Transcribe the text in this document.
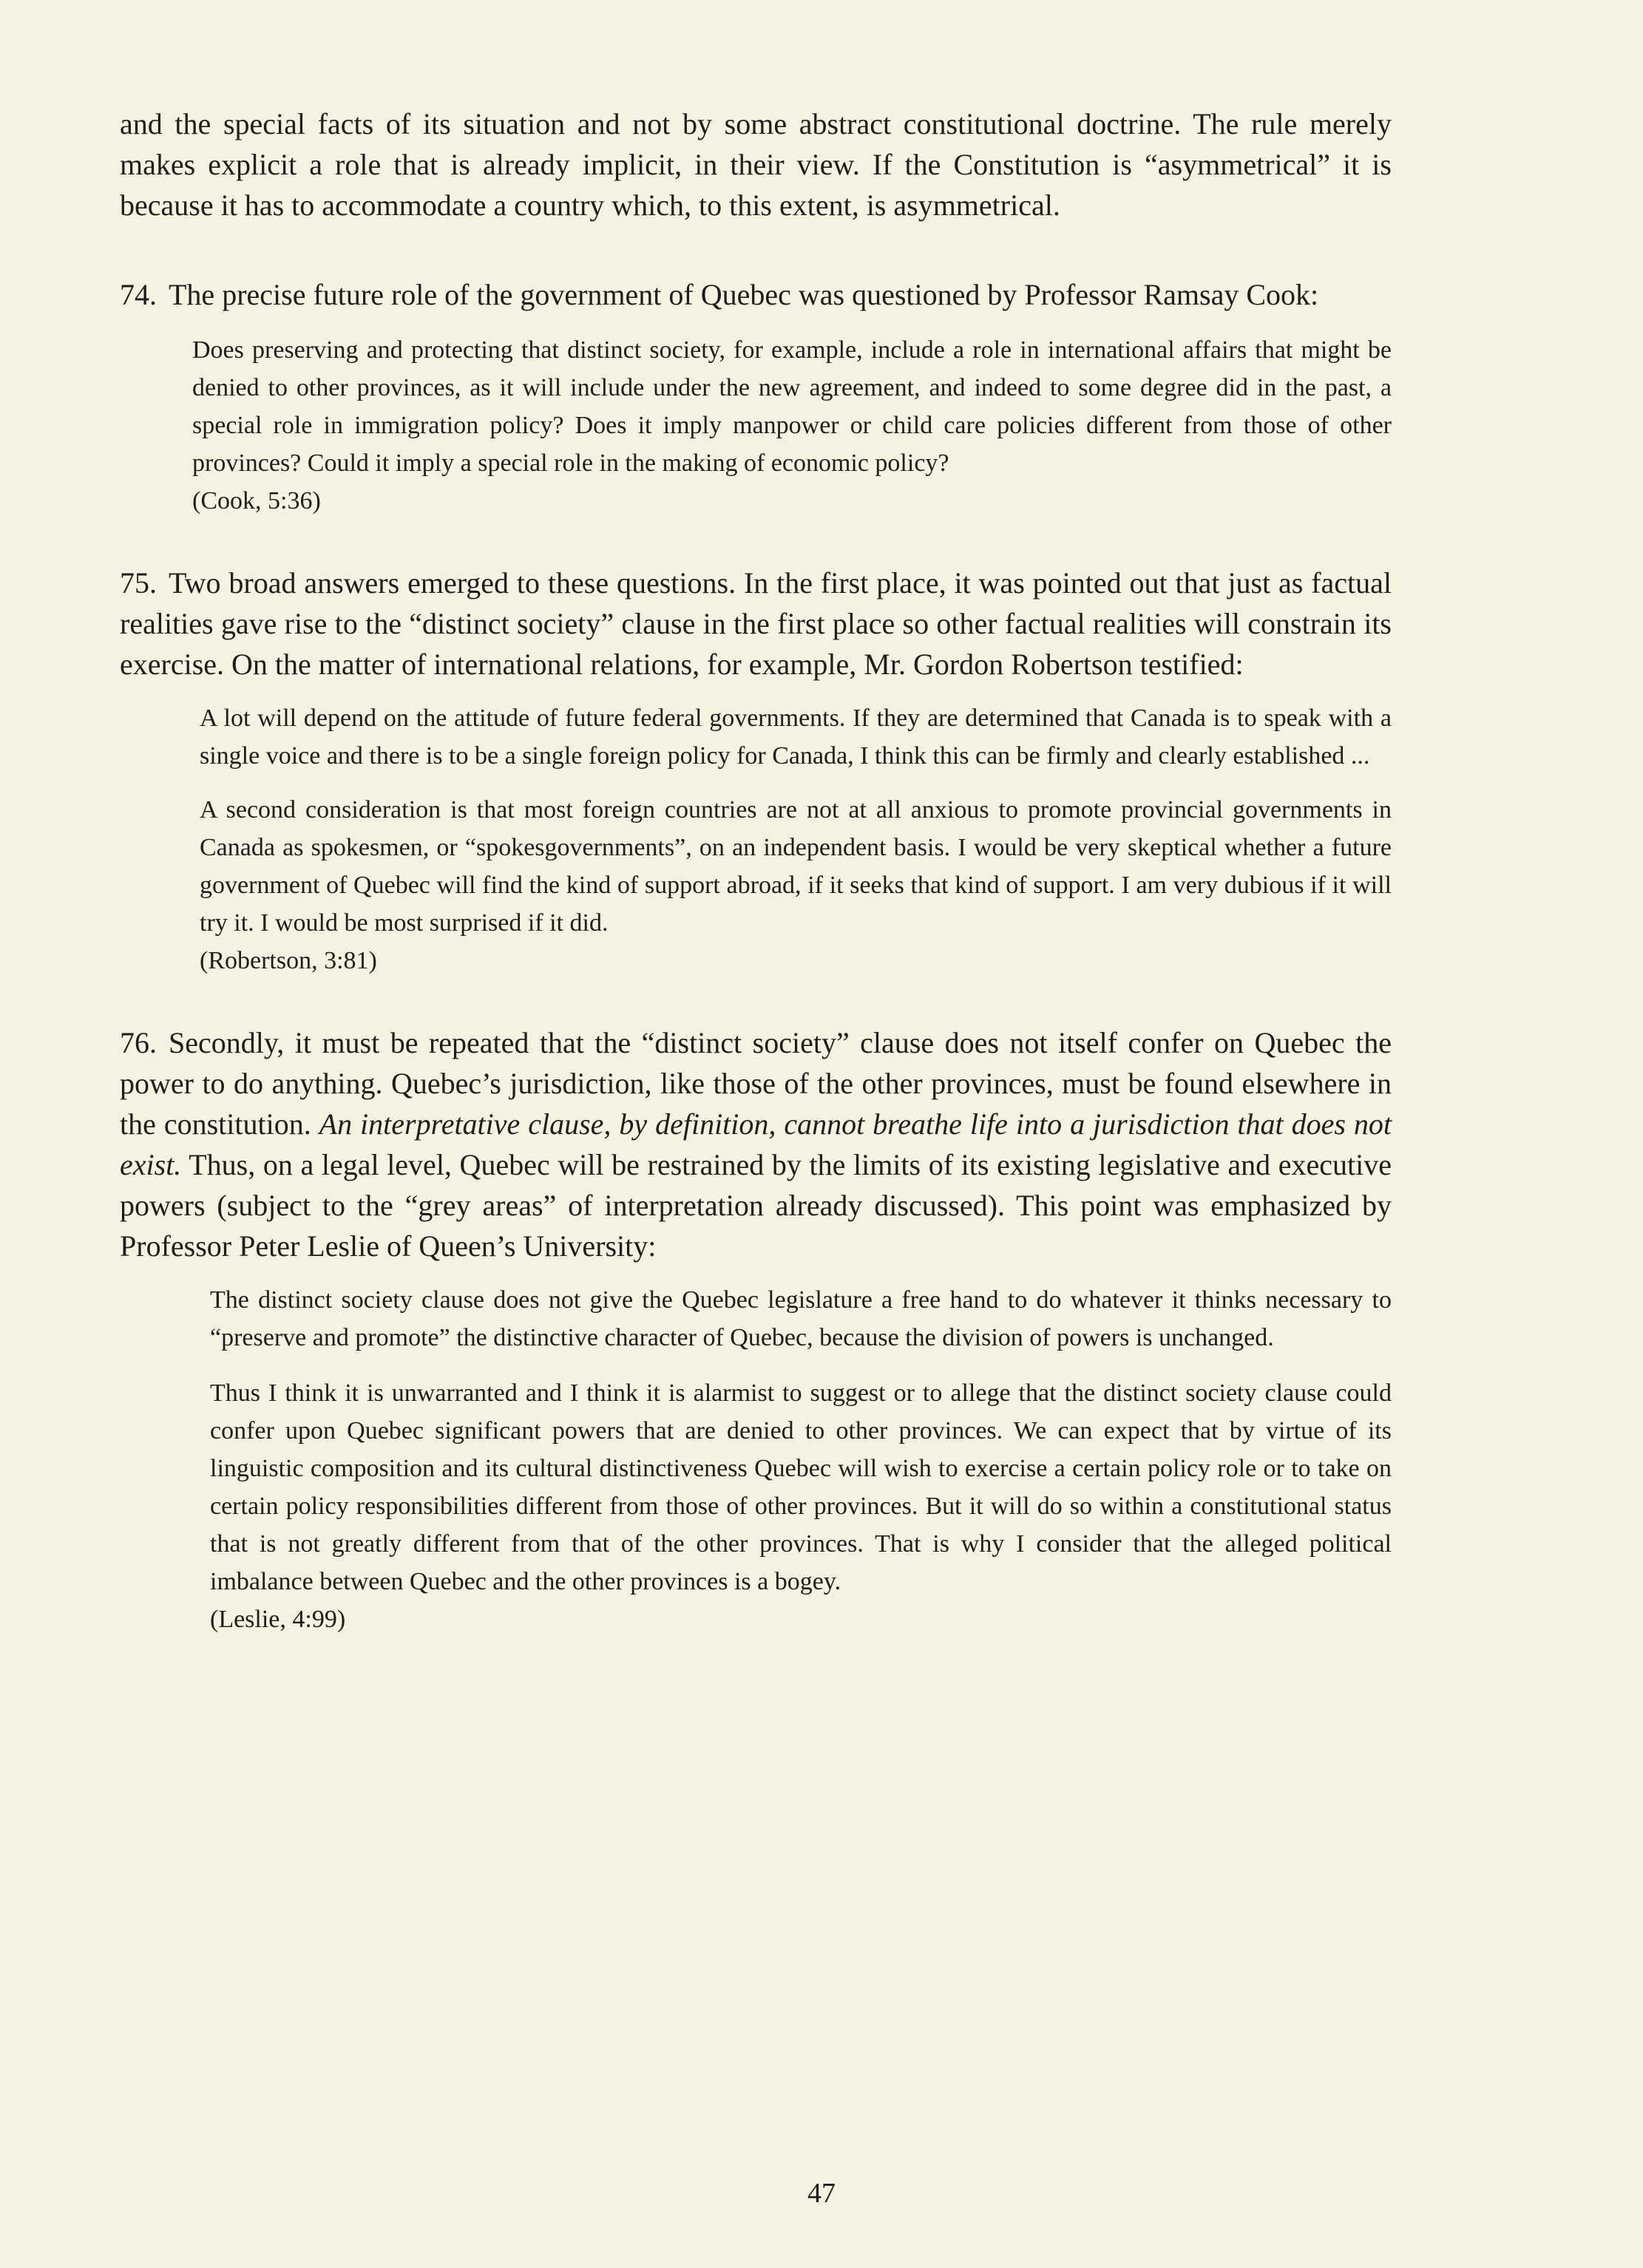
and the special facts of its situation and not by some abstract constitutional doctrine. The rule merely makes explicit a role that is already implicit, in their view. If the Constitution is “asymmetrical” it is because it has to accommodate a country which, to this extent, is asymmetrical.

74. The precise future role of the government of Quebec was questioned by Professor Ramsay Cook:

Does preserving and protecting that distinct society, for example, include a role in international affairs that might be denied to other provinces, as it will include under the new agreement, and indeed to some degree did in the past, a special role in immigration policy? Does it imply manpower or child care policies different from those of other provinces? Could it imply a special role in the making of economic policy?

(Cook, 5:36)

75. Two broad answers emerged to these questions. In the first place, it was pointed out that just as factual realities gave rise to the “distinct society” clause in the first place so other factual realities will constrain its exercise. On the matter of international relations, for example, Mr. Gordon Robertson testified:

A lot will depend on the attitude of future federal governments. If they are determined that Canada is to speak with a single voice and there is to be a single foreign policy for Canada, I think this can be firmly and clearly established ...

A second consideration is that most foreign countries are not at all anxious to promote provincial governments in Canada as spokesmen, or “spokesgovernments”, on an independent basis. I would be very skeptical whether a future government of Quebec will find the kind of support abroad, if it seeks that kind of support. I am very dubious if it will try it. I would be most surprised if it did.

(Robertson, 3:81)

76. Secondly, it must be repeated that the “distinct society” clause does not itself confer on Quebec the power to do anything. Quebec’s jurisdiction, like those of the other provinces, must be found elsewhere in the constitution. An interpretative clause, by definition, cannot breathe life into a jurisdiction that does not exist. Thus, on a legal level, Quebec will be restrained by the limits of its existing legislative and executive powers (subject to the “grey areas” of interpretation already discussed). This point was emphasized by Professor Peter Leslie of Queen’s University:

The distinct society clause does not give the Quebec legislature a free hand to do whatever it thinks necessary to “preserve and promote” the distinctive character of Quebec, because the division of powers is unchanged.

Thus I think it is unwarranted and I think it is alarmist to suggest or to allege that the distinct society clause could confer upon Quebec significant powers that are denied to other provinces. We can expect that by virtue of its linguistic composition and its cultural distinctiveness Quebec will wish to exercise a certain policy role or to take on certain policy responsibilities different from those of other provinces. But it will do so within a constitutional status that is not greatly different from that of the other provinces. That is why I consider that the alleged political imbalance between Quebec and the other provinces is a bogey.

(Leslie, 4:99)

47
